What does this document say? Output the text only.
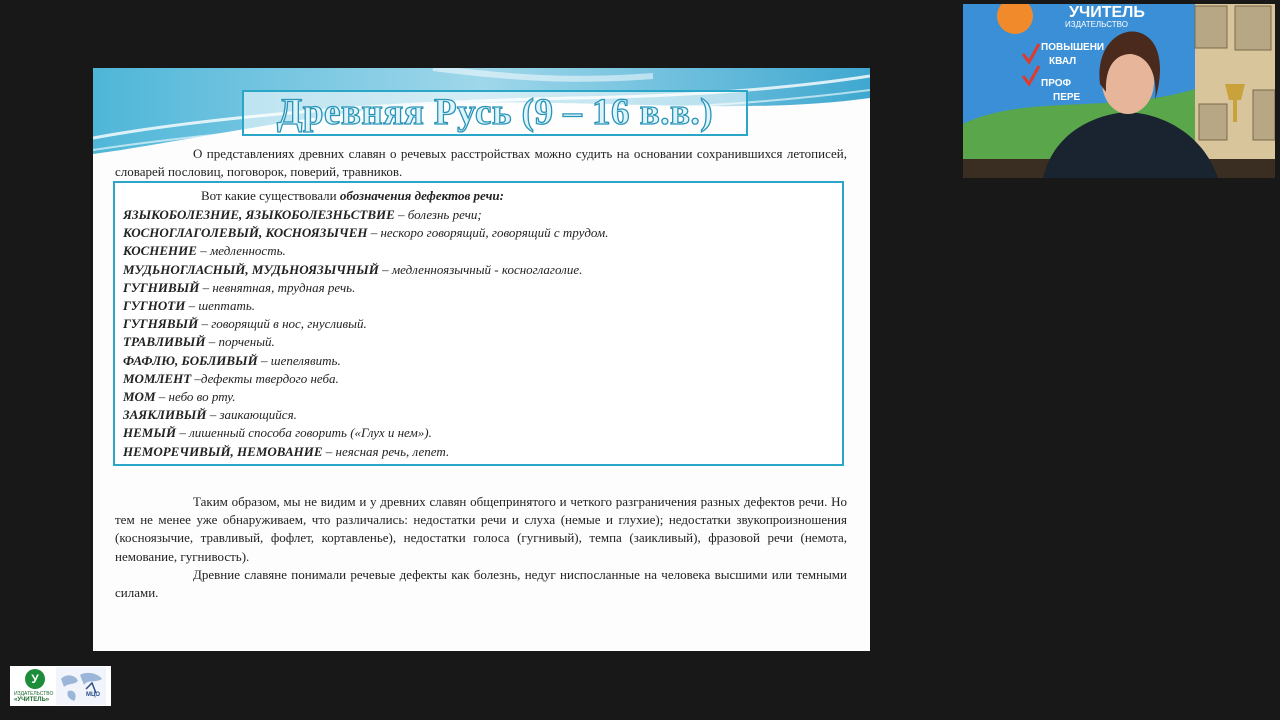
Древняя Русь (9 – 16 в.в.)
О представлениях древних славян о речевых расстройствах можно судить на основании сохранившихся летописей, словарей пословиц, поговорок, поверий, травников.
Вот какие существовали обозначения дефектов речи:
ЯЗЫКОБОЛЕЗНИЕ, ЯЗЫКОБОЛЕЗНЬСТВИЕ – болезнь речи;
КОСНОГЛАГОЛЕВЫЙ, КОСНОЯЗЫЧЕН – нескоро говорящий, говорящий с трудом.
КОСНЕНИЕ – медленность.
МУДЬНОГЛАСНЫЙ, МУДЬНОЯЗЫЧНЫЙ – медленноязычный - косноглаголие.
ГУГНИВЫЙ – невнятная, трудная речь.
ГУГНОТИ – шептать.
ГУГНЯВЫЙ – говорящий в нос, гнусливый.
ТРАВЛИВЫЙ – порченый.
ФАФЛЮ, БОБЛИВЫЙ – шепелявить.
МОМЛЕНТ –дефекты твердого неба.
МОМ – небо во рту.
ЗАЯКЛИВЫЙ – заикающийся.
НЕМЫЙ – лишенный способа говорить («Глух и нем»).
НЕМОРЕЧИВЫЙ, НЕМОВАНИЕ – неясная речь, лепет.

Таким образом, мы не видим и у древних славян общепринятого и четкого разграничения разных дефектов речи. Но тем не менее уже обнаруживаем, что различались: недостатки речи и слуха (немые и глухие); недостатки звукопроизношения (косноязычие, травливый, фофлет, кортавленье), недостатки голоса (гугнивый), темпа (заикливый), фразовой речи (немота, немование, гугнивость).

Древние славяне понимали речевые дефекты как болезнь, недуг ниспосланные на человека высшими или темными силами.

УЧИТЕЛЬ
ИЗДАТЕЛЬСТВО
ПОВЫШЕНИ
КВАЛ
ПРОФ
ПЕРЕ
У
ИЗДАТЕЛЬСТВО
«УЧИТЕЛЬ»
МЦО
